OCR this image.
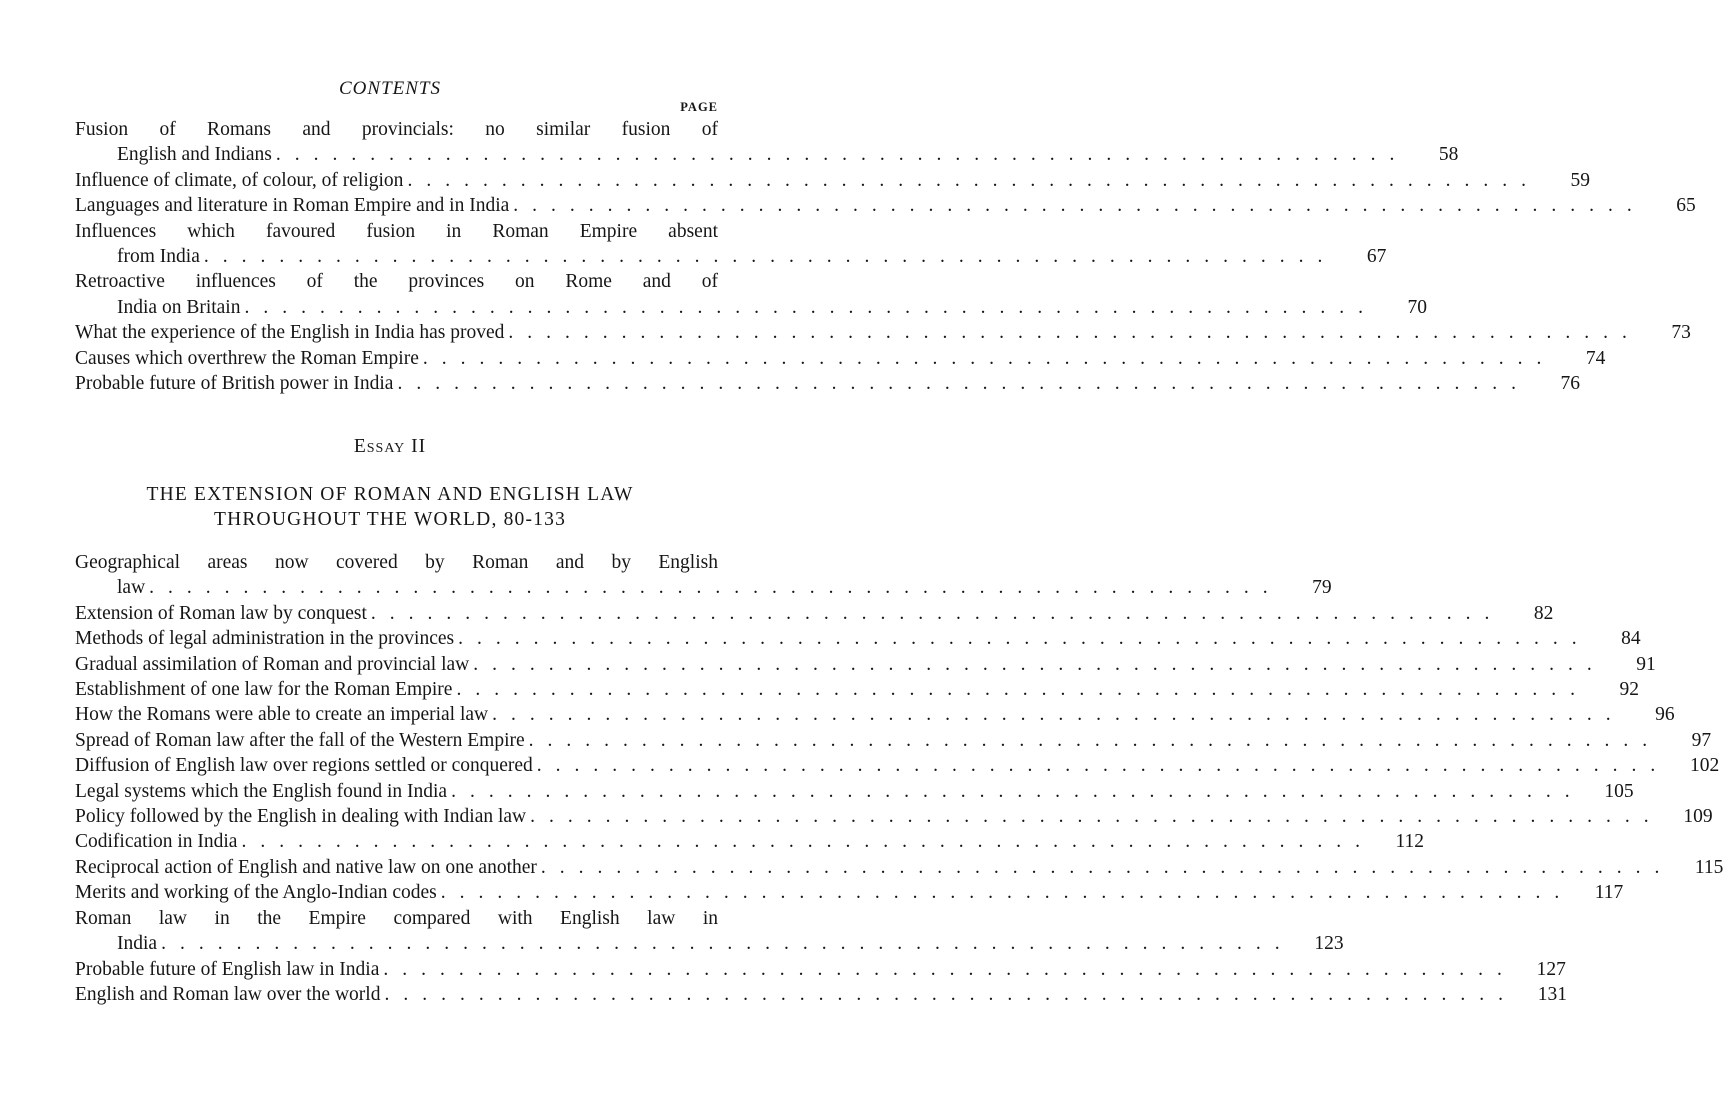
CONTENTS
PAGE
Fusion of Romans and provincials: no similar fusion of
English and Indians ............................................................	58
Influence of climate, of colour, of religion ............................................................	59
Languages and literature in Roman Empire and in India ............................................................	65
Influences which favoured fusion in Roman Empire absent
from India ............................................................	67
Retroactive influences of the provinces on Rome and of
India on Britain ............................................................	70
What the experience of the English in India has proved ............................................................	73
Causes which overthrew the Roman Empire ............................................................	74
Probable future of British power in India ............................................................	76
Essay II
THE EXTENSION OF ROMAN AND ENGLISH LAW
THROUGHOUT THE WORLD, 80-133
Geographical areas now covered by Roman and by English
law ............................................................	79
Extension of Roman law by conquest ............................................................	82
Methods of legal administration in the provinces ............................................................	84
Gradual assimilation of Roman and provincial law ............................................................	91
Establishment of one law for the Roman Empire ............................................................	92
How the Romans were able to create an imperial law ............................................................	96
Spread of Roman law after the fall of the Western Empire ............................................................	97
Diffusion of English law over regions settled or conquered ............................................................	102
Legal systems which the English found in India ............................................................	105
Policy followed by the English in dealing with Indian law ............................................................	109
Codification in India ............................................................	112
Reciprocal action of English and native law on one another ............................................................	115
Merits and working of the Anglo-Indian codes ............................................................	117
Roman law in the Empire compared with English law in
India ............................................................	123
Probable future of English law in India ............................................................	127
English and Roman law over the world ............................................................	131
